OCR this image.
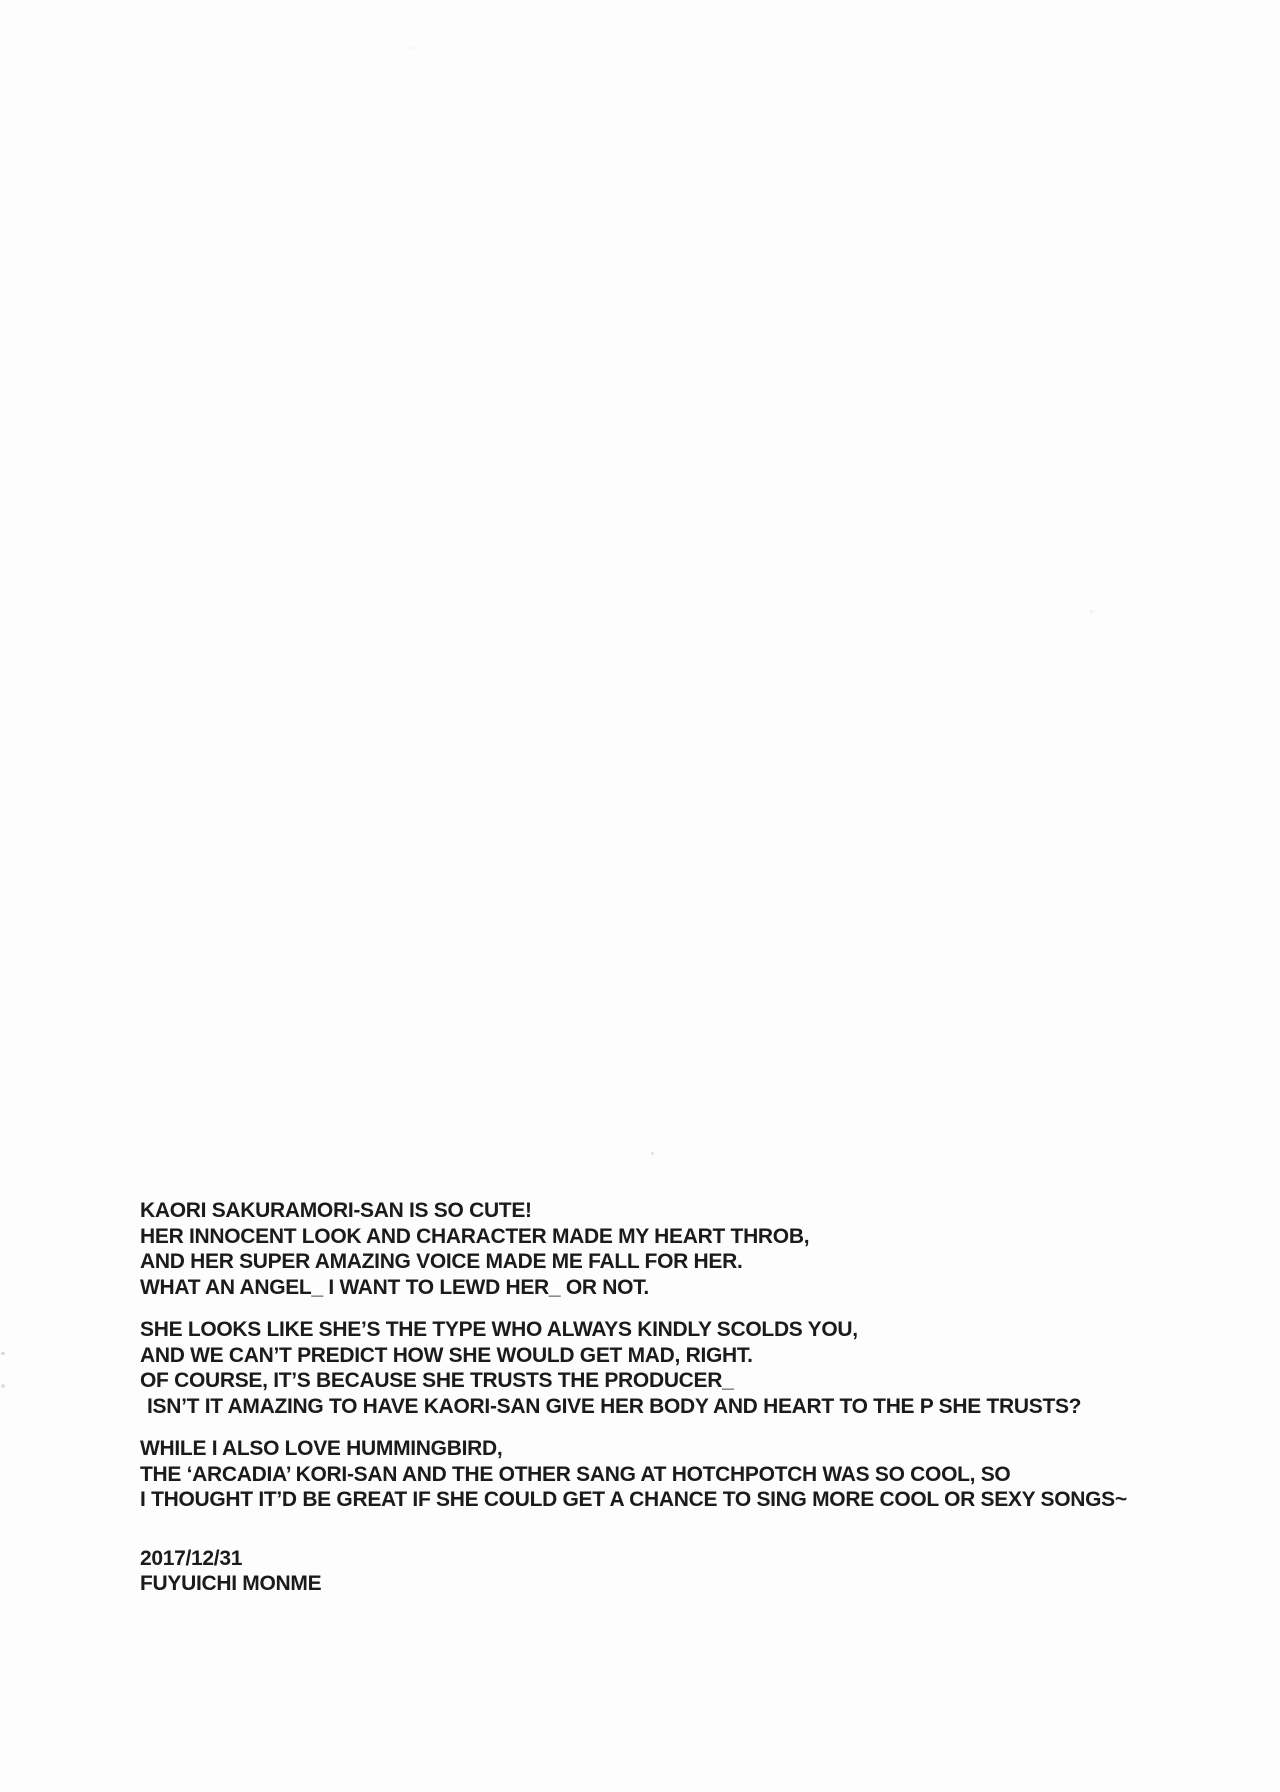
KAORI SAKURAMORI-SAN IS SO CUTE!
HER INNOCENT LOOK AND CHARACTER MADE MY HEART THROB,
AND HER SUPER AMAZING VOICE MADE ME FALL FOR HER.
WHAT AN ANGEL_ I WANT TO LEWD HER_ OR NOT.
SHE LOOKS LIKE SHE’S THE TYPE WHO ALWAYS KINDLY SCOLDS YOU,
AND WE CAN’T PREDICT HOW SHE WOULD GET MAD, RIGHT.
OF COURSE, IT’S BECAUSE SHE TRUSTS THE PRODUCER_
ISN’T IT AMAZING TO HAVE KAORI-SAN GIVE HER BODY AND HEART TO THE P SHE TRUSTS?
WHILE I ALSO LOVE HUMMINGBIRD,
THE ‘ARCADIA’ KORI-SAN AND THE OTHER SANG AT HOTCHPOTCH WAS SO COOL, SO
I THOUGHT IT’D BE GREAT IF SHE COULD GET A CHANCE TO SING MORE COOL OR SEXY SONGS~
2017/12/31
FUYUICHI MONME
